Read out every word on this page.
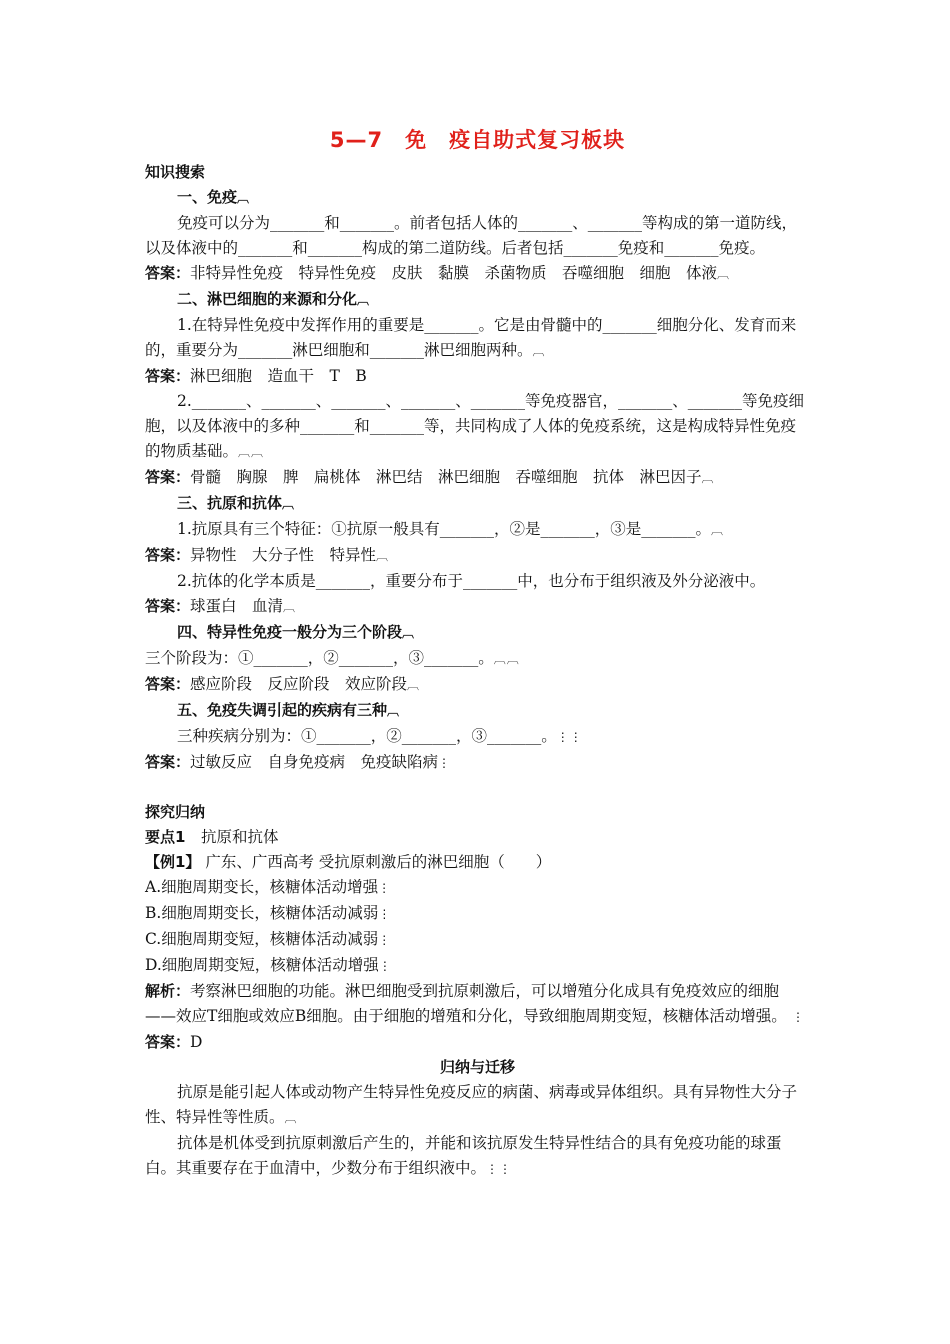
5—7　免　疫自助式复习板块
知识搜索
一、免疫︹
免疫可以分为_______和_______。前者包括人体的_______、_______等构成的第一道防线，以及体液中的_______和_______构成的第二道防线。后者包括_______免疫和_______免疫。
答案：非特异性免疫　特异性免疫　皮肤　黏膜　杀菌物质　吞噬细胞　细胞　体液︹
二、淋巴细胞的来源和分化︹
1.在特异性免疫中发挥作用的重要是_______。它是由骨髓中的_______细胞分化、发育而来的，重要分为_______淋巴细胞和_______淋巴细胞两种。︹
答案：淋巴细胞　造血干　T　B
2._______、_______、_______、_______、_______等免疫器官，_______、_______等免疫细胞，以及体液中的多种_______和_______等，共同构成了人体的免疫系统，这是构成特异性免疫的物质基础。︹︹
答案：骨髓　胸腺　脾　扁桃体　淋巴结　淋巴细胞　吞噬细胞　抗体　淋巴因子︹
三、抗原和抗体︹
1.抗原具有三个特征：①抗原一般具有_______，②是_______，③是_______。︹
答案：异物性　大分子性　特异性︹
2.抗体的化学本质是_______，重要分布于_______中，也分布于组织液及外分泌液中。
答案：球蛋白　血清︹
四、特异性免疫一般分为三个阶段︹
三个阶段为：①_______，②_______，③_______。︹︹
答案：感应阶段　反应阶段　效应阶段︹
五、免疫失调引起的疾病有三种︹
三种疾病分别为：①_______，②_______，③_______。⋮⋮
答案：过敏反应　自身免疫病　免疫缺陷病⋮
探究归纳
要点1　抗原和抗体
【例1】 广东、广西高考 受抗原刺激后的淋巴细胞（　　）
A.细胞周期变长，核糖体活动增强⋮
B.细胞周期变长，核糖体活动减弱⋮
C.细胞周期变短，核糖体活动减弱⋮
D.细胞周期变短，核糖体活动增强⋮
解析：考察淋巴细胞的功能。淋巴细胞受到抗原刺激后，可以增殖分化成具有免疫效应的细胞——效应T细胞或效应B细胞。由于细胞的增殖和分化，导致细胞周期变短，核糖体活动增强。　⋮
答案：D
归纳与迁移
抗原是能引起人体或动物产生特异性免疫反应的病菌、病毒或异体组织。具有异物性大分子性、特异性等性质。︹
抗体是机体受到抗原刺激后产生的，并能和该抗原发生特异性结合的具有免疫功能的球蛋白。其重要存在于血清中，少数分布于组织液中。⋮⋮
